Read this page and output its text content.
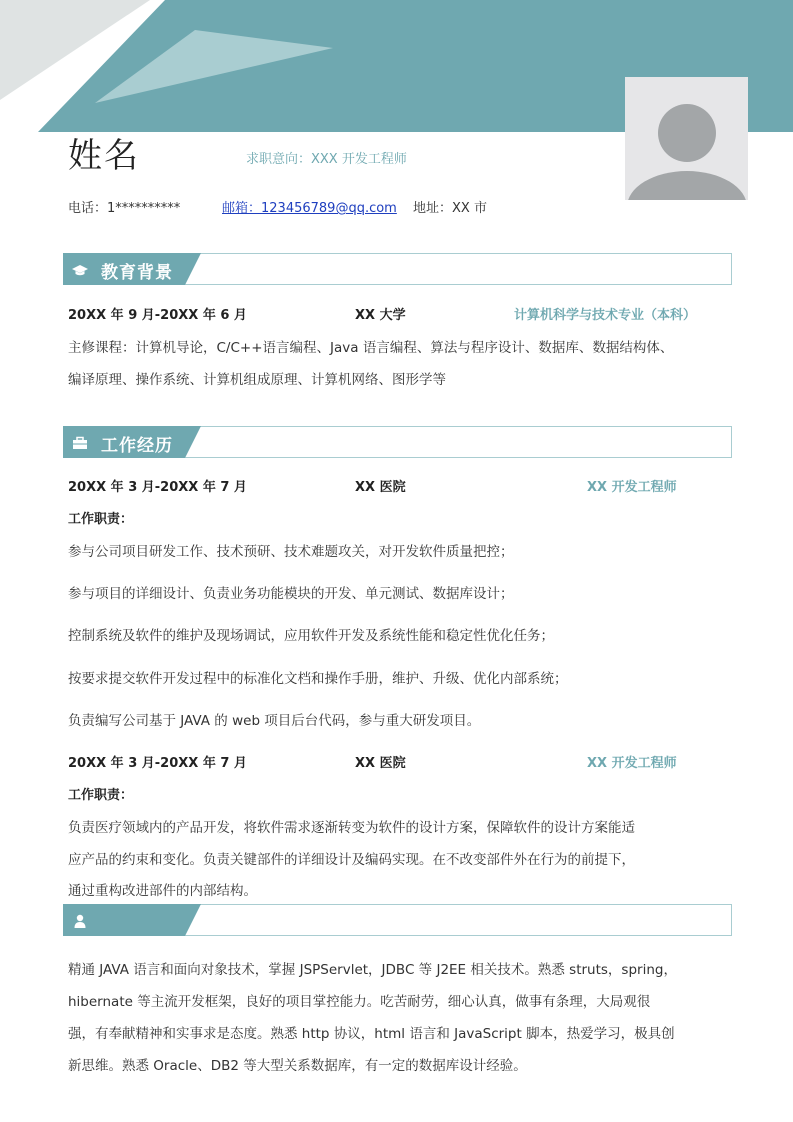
姓名	求职意向：XXX 开发工程师
电话：1**********	邮箱：123456789@qq.com 地址：XX 市
教育背景
20XX 年 9 月-20XX 年 6 月	XX 大学	计算机科学与技术专业（本科）
主修课程：计算机导论，C/C++语言编程、Java 语言编程、算法与程序设计、数据库、数据结构体、
编译原理、操作系统、计算机组成原理、计算机网络、图形学等
工作经历
20XX 年 3 月-20XX 年 7 月	XX 医院	XX 开发工程师
工作职责：
参与公司项目研发工作、技术预研、技术难题攻关，对开发软件质量把控；
参与项目的详细设计、负责业务功能模块的开发、单元测试、数据库设计；
控制系统及软件的维护及现场调试，应用软件开发及系统性能和稳定性优化任务；
按要求提交软件开发过程中的标准化文档和操作手册，维护、升级、优化内部系统；
负责编写公司基于 JAVA 的 web 项目后台代码，参与重大研发项目。
20XX 年 3 月-20XX 年 7 月	XX 医院	XX 开发工程师
工作职责：
负责医疗领域内的产品开发，将软件需求逐渐转变为软件的设计方案，保障软件的设计方案能适
应产品的约束和变化。负责关键部件的详细设计及编码实现。在不改变部件外在行为的前提下，
通过重构改进部件的内部结构。
精通 JAVA 语言和面向对象技术，掌握 JSPServlet，JDBC 等 J2EE 相关技术。熟悉 struts，spring，
hibernate 等主流开发框架，良好的项目掌控能力。吃苦耐劳，细心认真，做事有条理，大局观很
强，有奉献精神和实事求是态度。熟悉 http 协议，html 语言和 JavaScript 脚本，热爱学习，极具创
新思维。熟悉 Oracle、DB2 等大型关系数据库，有一定的数据库设计经验。
